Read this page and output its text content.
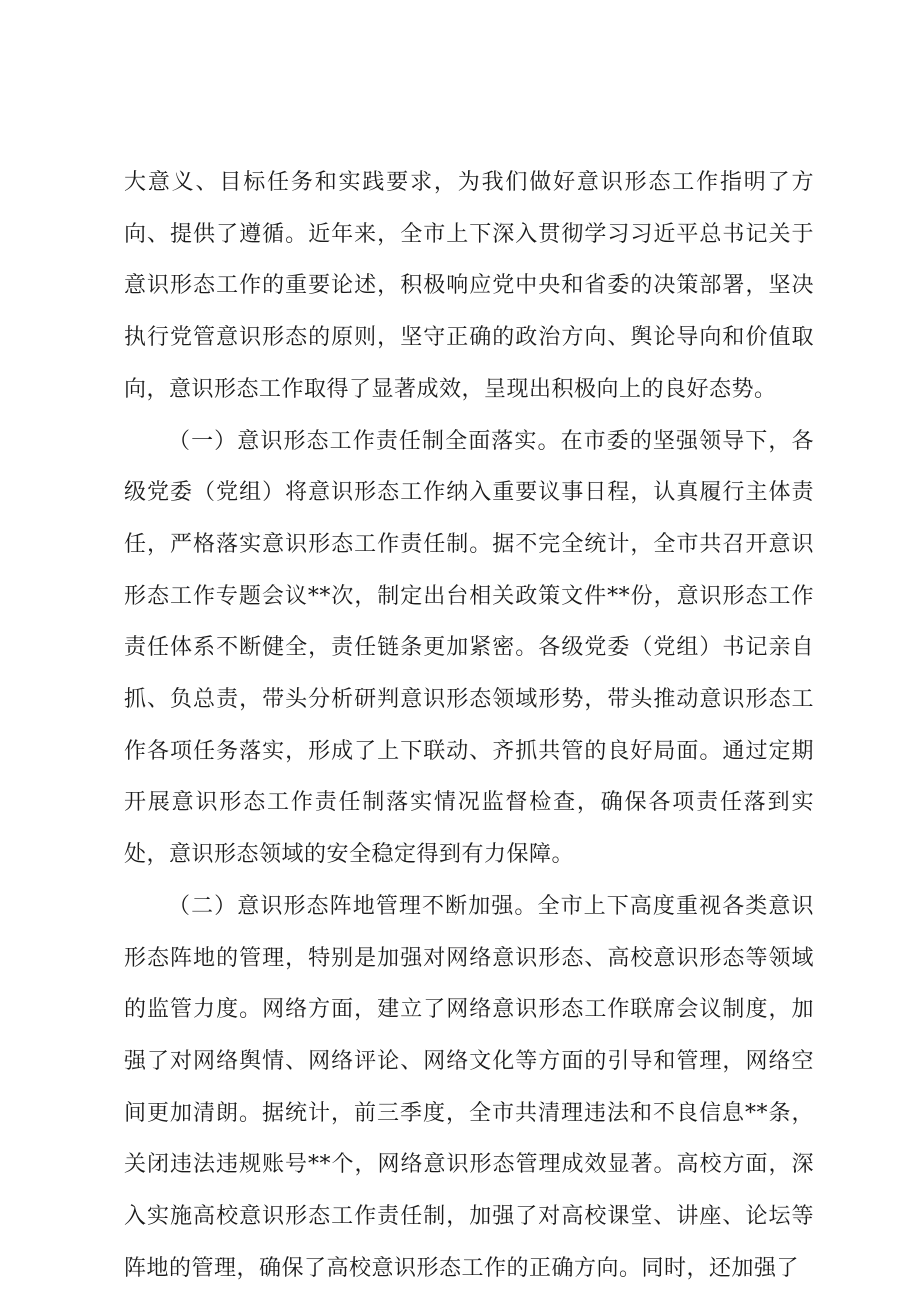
大意义、目标任务和实践要求，为我们做好意识形态工作指明了方向、提供了遵循。近年来，全市上下深入贯彻学习习近平总书记关于意识形态工作的重要论述，积极响应党中央和省委的决策部署，坚决执行党管意识形态的原则，坚守正确的政治方向、舆论导向和价值取向，意识形态工作取得了显著成效，呈现出积极向上的良好态势。

（一）意识形态工作责任制全面落实。在市委的坚强领导下，各级党委（党组）将意识形态工作纳入重要议事日程，认真履行主体责任，严格落实意识形态工作责任制。据不完全统计，全市共召开意识形态工作专题会议**次，制定出台相关政策文件**份，意识形态工作责任体系不断健全，责任链条更加紧密。各级党委（党组）书记亲自抓、负总责，带头分析研判意识形态领域形势，带头推动意识形态工作各项任务落实，形成了上下联动、齐抓共管的良好局面。通过定期开展意识形态工作责任制落实情况监督检查，确保各项责任落到实处，意识形态领域的安全稳定得到有力保障。

（二）意识形态阵地管理不断加强。全市上下高度重视各类意识形态阵地的管理，特别是加强对网络意识形态、高校意识形态等领域的监管力度。网络方面，建立了网络意识形态工作联席会议制度，加强了对网络舆情、网络评论、网络文化等方面的引导和管理，网络空间更加清朗。据统计，前三季度，全市共清理违法和不良信息**条，关闭违法违规账号**个，网络意识形态管理成效显著。高校方面，深入实施高校意识形态工作责任制，加强了对高校课堂、讲座、论坛等阵地的管理，确保了高校意识形态工作的正确方向。同时，还加强了
